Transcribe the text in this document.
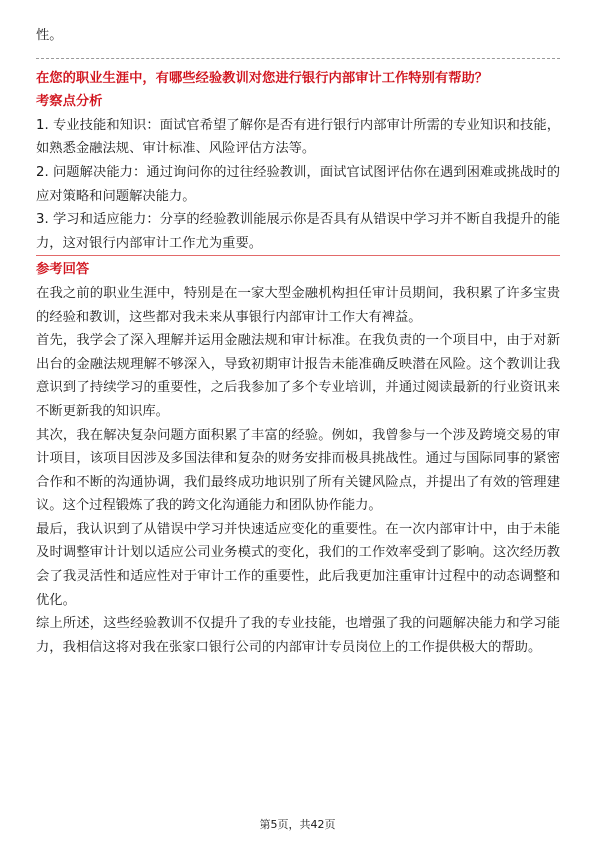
性。

在您的职业生涯中，有哪些经验教训对您进行银行内部审计工作特别有帮助？

考察点分析

1. 专业技能和知识：面试官希望了解你是否有进行银行内部审计所需的专业知识和技能，如熟悉金融法规、审计标准、风险评估方法等。

2. 问题解决能力：通过询问你的过往经验教训，面试官试图评估你在遇到困难或挑战时的应对策略和问题解决能力。

3. 学习和适应能力：分享的经验教训能展示你是否具有从错误中学习并不断自我提升的能力，这对银行内部审计工作尤为重要。

参考回答

在我之前的职业生涯中，特别是在一家大型金融机构担任审计员期间，我积累了许多宝贵的经验和教训，这些都对我未来从事银行内部审计工作大有裨益。

首先，我学会了深入理解并运用金融法规和审计标准。在我负责的一个项目中，由于对新出台的金融法规理解不够深入，导致初期审计报告未能准确反映潜在风险。这个教训让我意识到了持续学习的重要性，之后我参加了多个专业培训，并通过阅读最新的行业资讯来不断更新我的知识库。

其次，我在解决复杂问题方面积累了丰富的经验。例如，我曾参与一个涉及跨境交易的审计项目，该项目因涉及多国法律和复杂的财务安排而极具挑战性。通过与国际同事的紧密合作和不断的沟通协调，我们最终成功地识别了所有关键风险点，并提出了有效的管理建议。这个过程锻炼了我的跨文化沟通能力和团队协作能力。

最后，我认识到了从错误中学习并快速适应变化的重要性。在一次内部审计中，由于未能及时调整审计计划以适应公司业务模式的变化，我们的工作效率受到了影响。这次经历教会了我灵活性和适应性对于审计工作的重要性，此后我更加注重审计过程中的动态调整和优化。

综上所述，这些经验教训不仅提升了我的专业技能，也增强了我的问题解决能力和学习能力，我相信这将对我在张家口银行公司的内部审计专员岗位上的工作提供极大的帮助。

第5页，共42页
